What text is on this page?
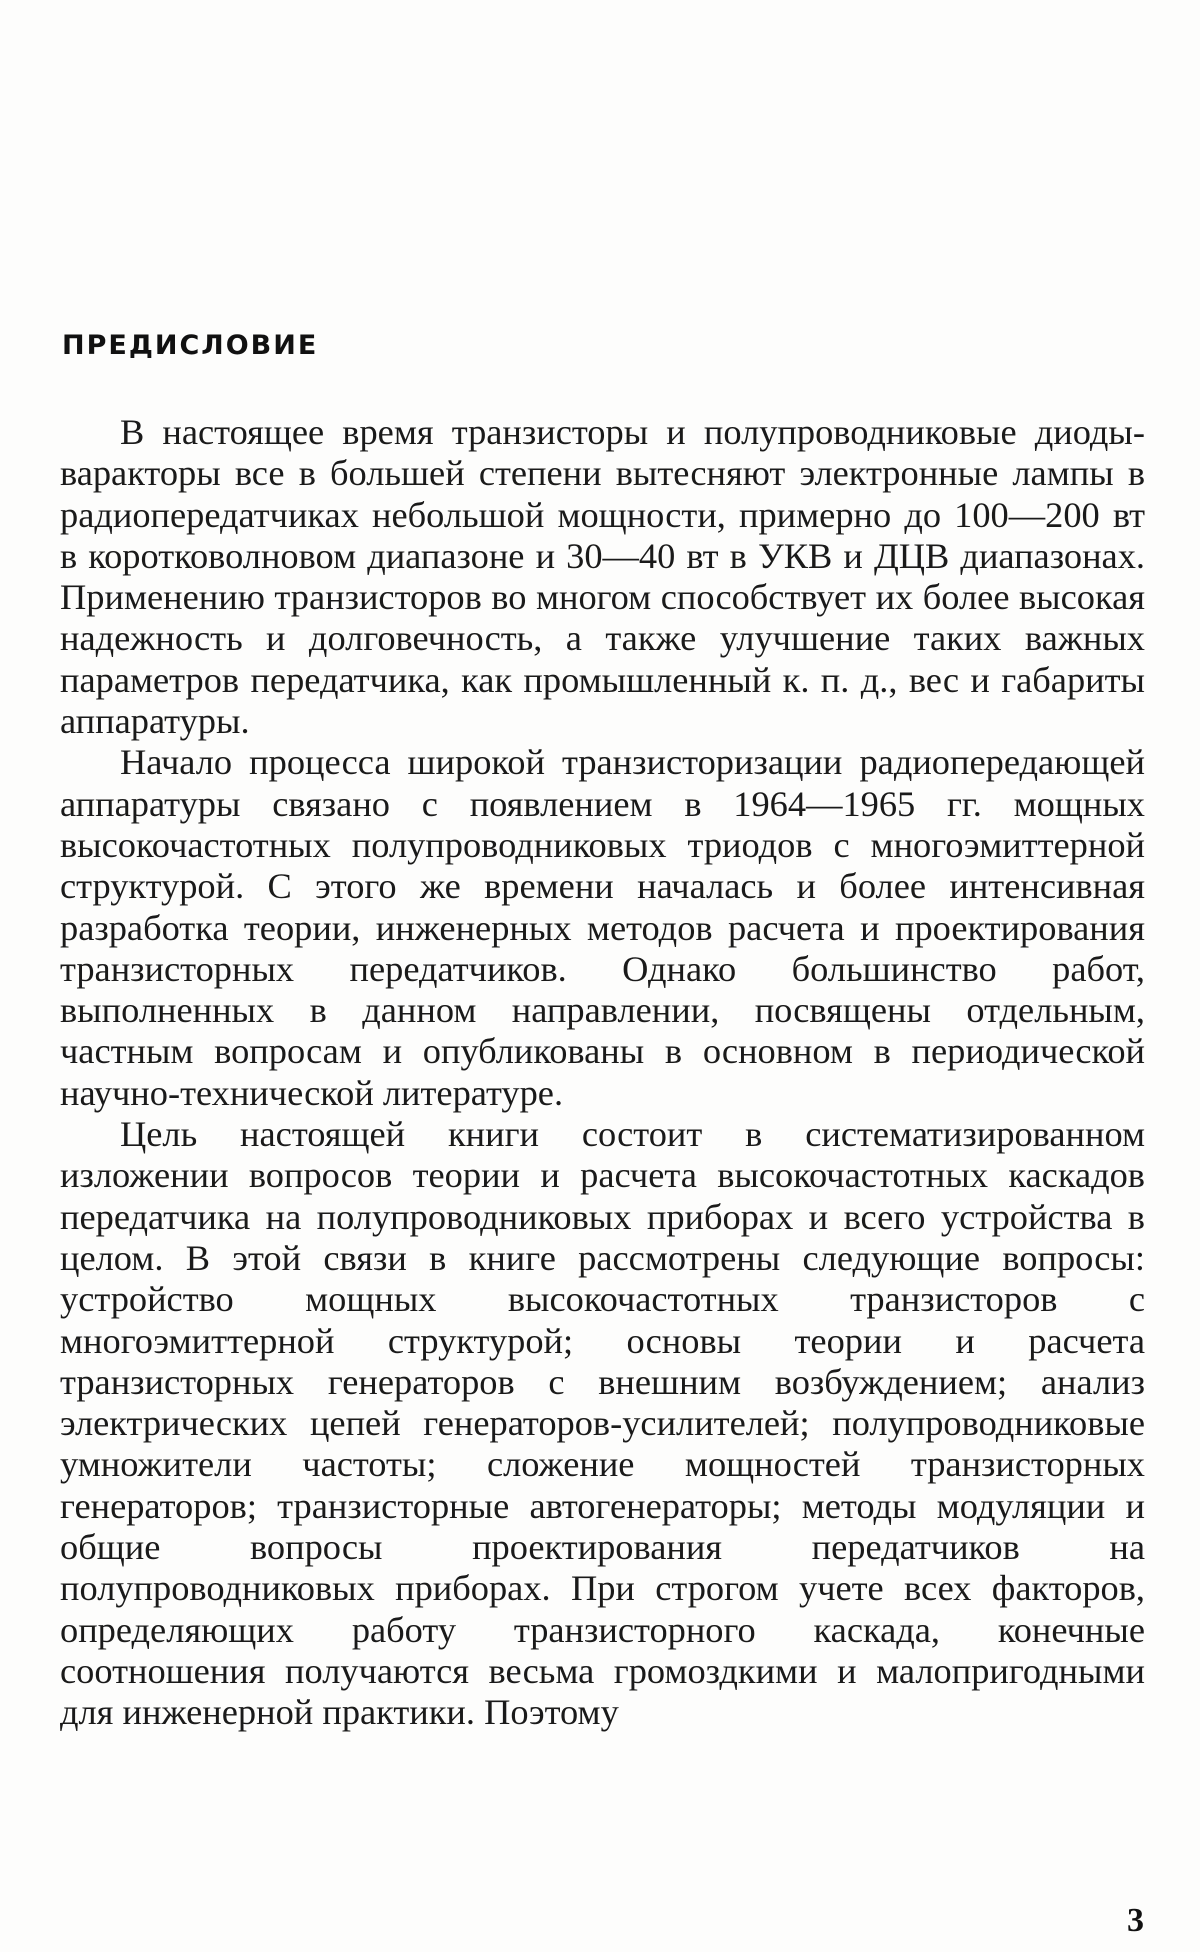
ПРЕДИСЛОВИЕ

В настоящее время транзисторы и полупроводниковые диоды-варакторы все в большей степени вытесняют электронные лампы в радиопередатчиках небольшой мощности, примерно до 100—200 вт в коротковолновом диапазоне и 30—40 вт в УКВ и ДЦВ диапазонах. Применению транзисторов во многом способствует их более высокая надежность и долговечность, а также улучшение таких важных параметров передатчика, как промышленный к. п. д., вес и габариты аппаратуры.

Начало процесса широкой транзисторизации радиопередающей аппаратуры связано с появлением в 1964—1965 гг. мощных высокочастотных полупроводниковых триодов с многоэмиттерной структурой. С этого же времени началась и более интенсивная разработка теории, инженерных методов расчета и проектирования транзисторных передатчиков. Однако большинство работ, выполненных в данном направлении, посвящены отдельным, частным вопросам и опубликованы в основном в периодической научно-технической литературе.

Цель настоящей книги состоит в систематизированном изложении вопросов теории и расчета высокочастотных каскадов передатчика на полупроводниковых приборах и всего устройства в целом. В этой связи в книге рассмотрены следующие вопросы: устройство мощных высокочастотных транзисторов с многоэмиттерной структурой; основы теории и расчета транзисторных генераторов с внешним возбуждением; анализ электрических цепей генераторов-усилителей; полупроводниковые умножители частоты; сложение мощностей транзисторных генераторов; транзисторные автогенераторы; методы модуляции и общие вопросы проектирования передатчиков на полупроводниковых приборах. При строгом учете всех факторов, определяющих работу транзисторного каскада, конечные соотношения получаются весьма громоздкими и малопригодными для инженерной практики. Поэтому

3
